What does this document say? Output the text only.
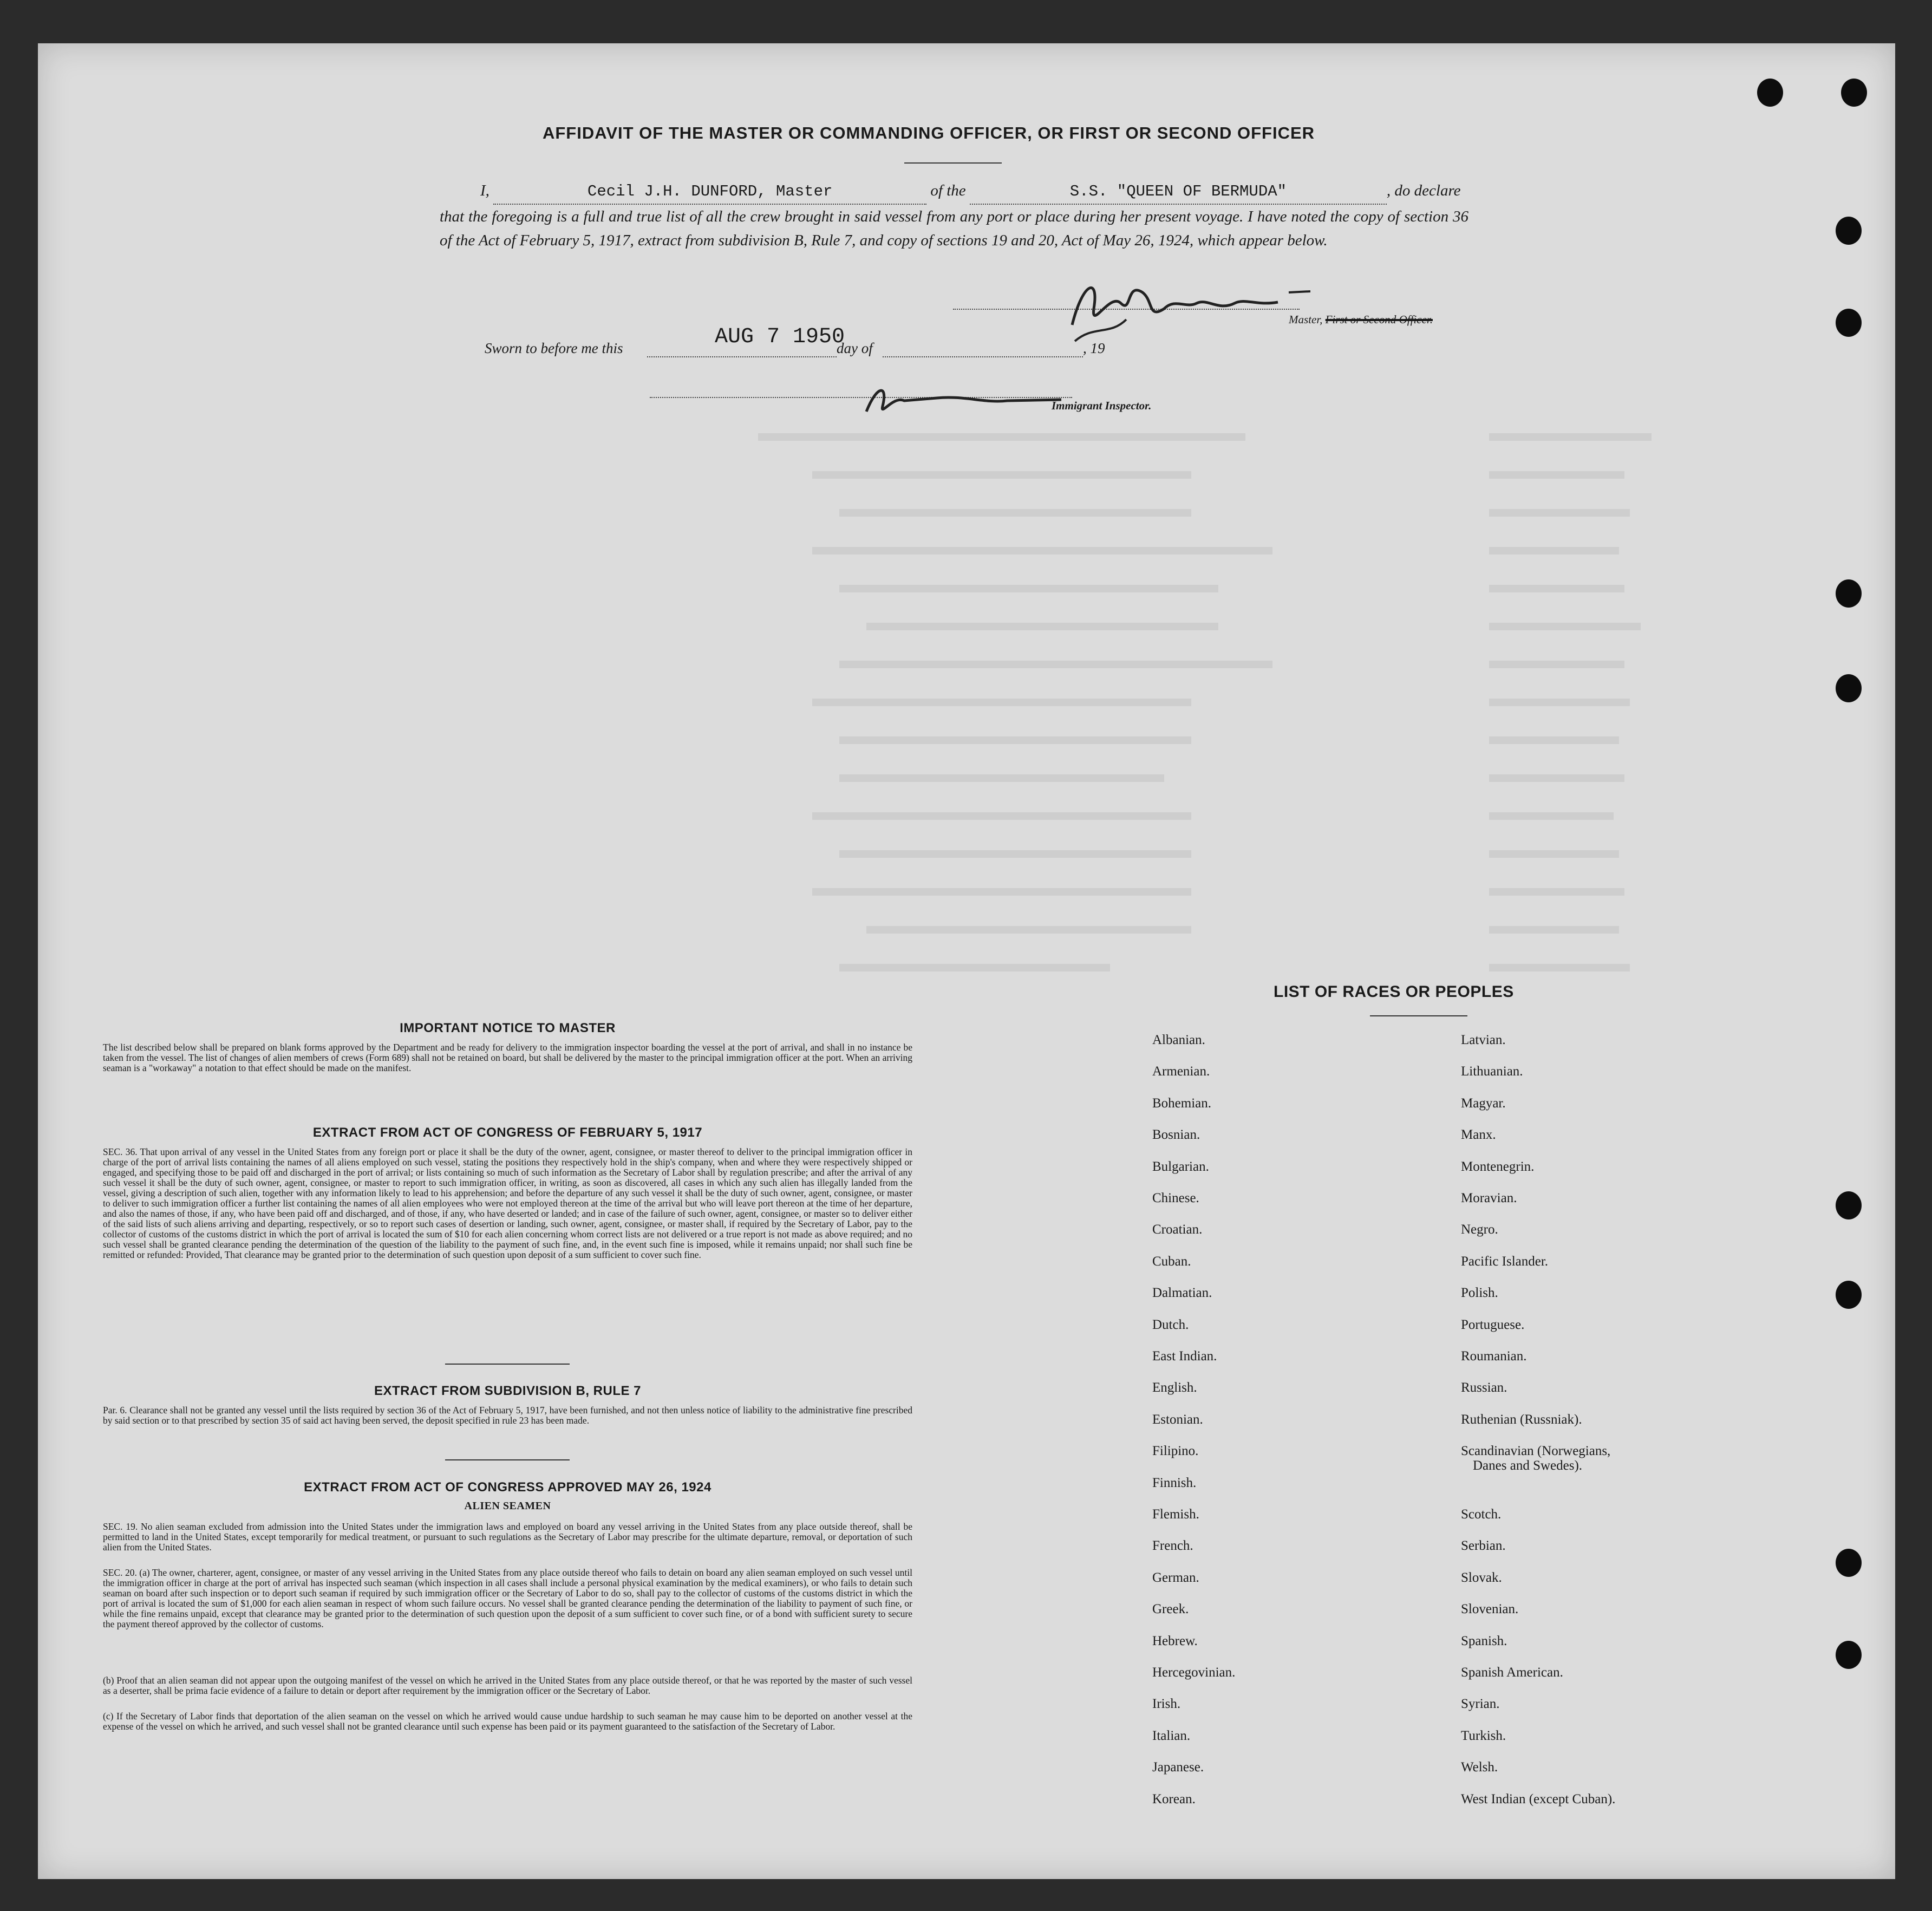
AFFIDAVIT OF THE MASTER OR COMMANDING OFFICER, OR FIRST OR SECOND OFFICER
I,	Cecil J.H. DUNFORD, Master	of the	S.S. "QUEEN OF BERMUDA"	, do declare
that the foregoing is a full and true list of all the crew brought in said vessel from any port or place during her present voyage. I have noted the copy of section 36 of the Act of February 5, 1917, extract from subdivision B, Rule 7, and copy of sections 19 and 20, Act of May 26, 1924, which appear below.
Master, First or Second Officer.
Sworn to before me this	AUG 7 1950
day of	, 19
Immigrant Inspector.
IMPORTANT NOTICE TO MASTER
The list described below shall be prepared on blank forms approved by the Department and be ready for delivery to the immigration inspector boarding the vessel at the port of arrival, and shall in no instance be taken from the vessel. The list of changes of alien members of crews (Form 689) shall not be retained on board, but shall be delivered by the master to the principal immigration officer at the port. When an arriving seaman is a "workaway" a notation to that effect should be made on the manifest.
EXTRACT FROM ACT OF CONGRESS OF FEBRUARY 5, 1917
SEC. 36. That upon arrival of any vessel in the United States from any foreign port or place it shall be the duty of the owner, agent, consignee, or master thereof to deliver to the principal immigration officer in charge of the port of arrival lists containing the names of all aliens employed on such vessel, stating the positions they respectively hold in the ship's company, when and where they were respectively shipped or engaged, and specifying those to be paid off and discharged in the port of arrival; or lists containing so much of such information as the Secretary of Labor shall by regulation prescribe; and after the arrival of any such vessel it shall be the duty of such owner, agent, consignee, or master to report to such immigration officer, in writing, as soon as discovered, all cases in which any such alien has illegally landed from the vessel, giving a description of such alien, together with any information likely to lead to his apprehension; and before the departure of any such vessel it shall be the duty of such owner, agent, consignee, or master to deliver to such immigration officer a further list containing the names of all alien employees who were not employed thereon at the time of the arrival but who will leave port thereon at the time of her departure, and also the names of those, if any, who have been paid off and discharged, and of those, if any, who have deserted or landed; and in case of the failure of such owner, agent, consignee, or master so to deliver either of the said lists of such aliens arriving and departing, respectively, or so to report such cases of desertion or landing, such owner, agent, consignee, or master shall, if required by the Secretary of Labor, pay to the collector of customs of the customs district in which the port of arrival is located the sum of $10 for each alien concerning whom correct lists are not delivered or a true report is not made as above required; and no such vessel shall be granted clearance pending the determination of the question of the liability to the payment of such fine, and, in the event such fine is imposed, while it remains unpaid; nor shall such fine be remitted or refunded: Provided, That clearance may be granted prior to the determination of such question upon deposit of a sum sufficient to cover such fine.
EXTRACT FROM SUBDIVISION B, RULE 7
Par. 6. Clearance shall not be granted any vessel until the lists required by section 36 of the Act of February 5, 1917, have been furnished, and not then unless notice of liability to the administrative fine prescribed by said section or to that prescribed by section 35 of said act having been served, the deposit specified in rule 23 has been made.
EXTRACT FROM ACT OF CONGRESS APPROVED MAY 26, 1924
ALIEN SEAMEN
SEC. 19. No alien seaman excluded from admission into the United States under the immigration laws and employed on board any vessel arriving in the United States from any place outside thereof, shall be permitted to land in the United States, except temporarily for medical treatment, or pursuant to such regulations as the Secretary of Labor may prescribe for the ultimate departure, removal, or deportation of such alien from the United States.
SEC. 20. (a) The owner, charterer, agent, consignee, or master of any vessel arriving in the United States from any place outside thereof who fails to detain on board any alien seaman employed on such vessel until the immigration officer in charge at the port of arrival has inspected such seaman (which inspection in all cases shall include a personal physical examination by the medical examiners), or who fails to detain such seaman on board after such inspection or to deport such seaman if required by such immigration officer or the Secretary of Labor to do so, shall pay to the collector of customs of the customs district in which the port of arrival is located the sum of $1,000 for each alien seaman in respect of whom such failure occurs. No vessel shall be granted clearance pending the determination of the liability to payment of such fine, or while the fine remains unpaid, except that clearance may be granted prior to the determination of such question upon the deposit of a sum sufficient to cover such fine, or of a bond with sufficient surety to secure the payment thereof approved by the collector of customs.
(b) Proof that an alien seaman did not appear upon the outgoing manifest of the vessel on which he arrived in the United States from any place outside thereof, or that he was reported by the master of such vessel as a deserter, shall be prima facie evidence of a failure to detain or deport after requirement by the immigration officer or the Secretary of Labor.
(c) If the Secretary of Labor finds that deportation of the alien seaman on the vessel on which he arrived would cause undue hardship to such seaman he may cause him to be deported on another vessel at the expense of the vessel on which he arrived, and such vessel shall not be granted clearance until such expense has been paid or its payment guaranteed to the satisfaction of the Secretary of Labor.
LIST OF RACES OR PEOPLES
Albanian.
Armenian.
Bohemian.
Bosnian.
Bulgarian.
Chinese.
Croatian.
Cuban.
Dalmatian.
Dutch.
East Indian.
English.
Estonian.
Filipino.
Finnish.
Flemish.
French.
German.
Greek.
Hebrew.
Hercegovinian.
Irish.
Italian.
Japanese.
Korean.
Latvian.
Lithuanian.
Magyar.
Manx.
Montenegrin.
Moravian.
Negro.
Pacific Islander.
Polish.
Portuguese.
Roumanian.
Russian.
Ruthenian (Russniak).
Scandinavian (Norwegians,
Danes and Swedes).
Scotch.
Serbian.
Slovak.
Slovenian.
Spanish.
Spanish American.
Syrian.
Turkish.
Welsh.
West Indian (except Cuban).
